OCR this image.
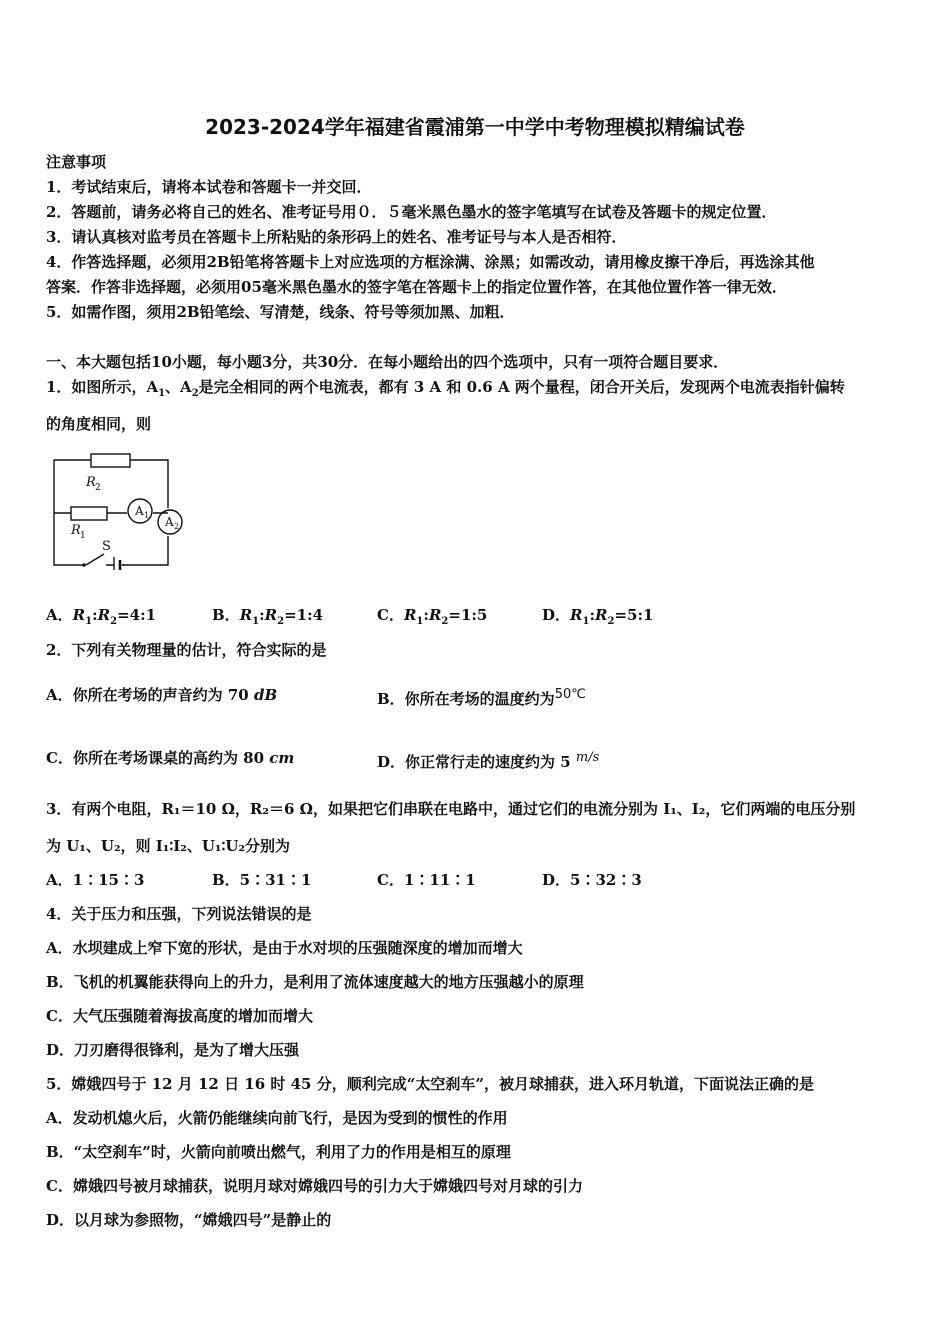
2023-2024学年福建省霞浦第一中学中考物理模拟精编试卷
注意事项
1．考试结束后，请将本试卷和答题卡一并交回．
2．答题前，请务必将自己的姓名、准考证号用０．５毫米黑色墨水的签字笔填写在试卷及答题卡的规定位置．
3．请认真核对监考员在答题卡上所粘贴的条形码上的姓名、准考证号与本人是否相符．
4．作答选择题，必须用2B铅笔将答题卡上对应选项的方框涂满、涂黑；如需改动，请用橡皮擦干净后，再选涂其他
答案．作答非选择题，必须用05毫米黑色墨水的签字笔在答题卡上的指定位置作答，在其他位置作答一律无效．
5．如需作图，须用2B铅笔绘、写清楚，线条、符号等须加黑、加粗．
一、本大题包括10小题，每小题3分，共30分．在每小题给出的四个选项中，只有一项符合题目要求．
1．如图所示，$A_1$、$A_2$是完全相同的两个电流表，都有 3 A 和 0.6 A 两个量程，闭合开关后，发现两个电流表指针偏转
的角度相同，则
R 2
R 1
A 1 A 2
S
A．$R_1:R_2=4:1$	B．$R_1:R_2=1:4$	C．$R_1:R_2=1:5$	D．$R_1:R_2=5:1$
2．下列有关物理量的估计，符合实际的是
A．你所在考场的声音约为 70 dB	B．你所在考场的温度约为50℃
C．你所在考场课桌的高约为 80 cm	D．你正常行走的速度约为 5 m/s
3．有两个电阻，R₁＝10 Ω，R₂＝6 Ω，如果把它们串联在电路中，通过它们的电流分别为 I₁、I₂，它们两端的电压分别
为 U₁、U₂，则 I₁∶I₂、U₁∶U₂分别为
A．1∶15∶3	B．5∶31∶1	C．1∶11∶1	D．5∶32∶3
4．关于压力和压强，下列说法错误的是
A．水坝建成上窄下宽的形状，是由于水对坝的压强随深度的增加而增大
B．飞机的机翼能获得向上的升力，是利用了流体速度越大的地方压强越小的原理
C．大气压强随着海拔高度的增加而增大
D．刀刃磨得很锋利，是为了增大压强
5．嫦娥四号于 12 月 12 日 16 时 45 分，顺利完成“太空刹车”，被月球捕获，进入环月轨道，下面说法正确的是
A．发动机熄火后，火箭仍能继续向前飞行，是因为受到的惯性的作用
B．“太空刹车”时，火箭向前喷出燃气，利用了力的作用是相互的原理
C．嫦娥四号被月球捕获，说明月球对嫦娥四号的引力大于嫦娥四号对月球的引力
D．以月球为参照物，“嫦娥四号”是静止的
